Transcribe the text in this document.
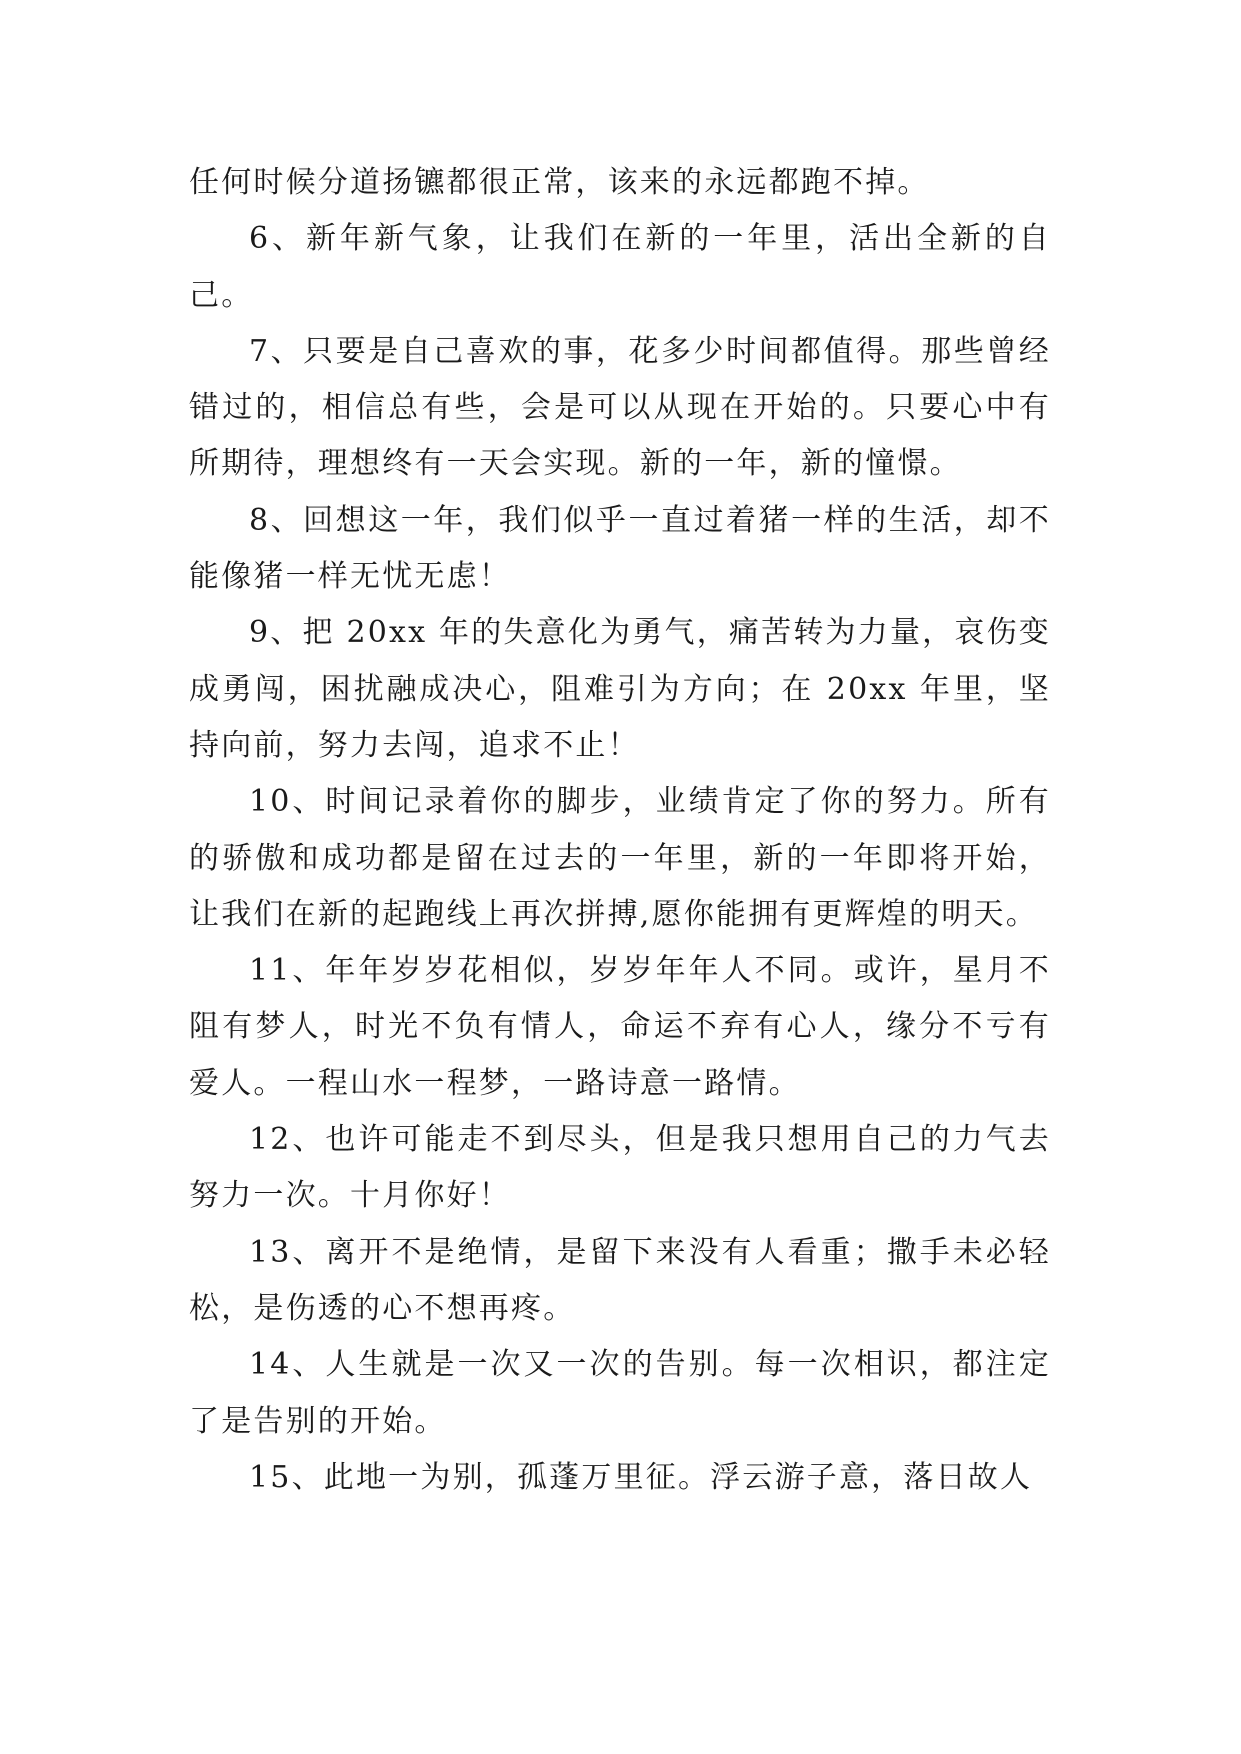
任何时候分道扬镳都很正常，该来的永远都跑不掉。

6、新年新气象，让我们在新的一年里，活出全新的自己。

7、只要是自己喜欢的事，花多少时间都值得。那些曾经错过的，相信总有些，会是可以从现在开始的。只要心中有所期待，理想终有一天会实现。新的一年，新的憧憬。

8、回想这一年，我们似乎一直过着猪一样的生活，却不能像猪一样无忧无虑！

9、把 20xx 年的失意化为勇气，痛苦转为力量，哀伤变成勇闯，困扰融成决心，阻难引为方向；在 20xx 年里，坚持向前，努力去闯，追求不止！

10、时间记录着你的脚步，业绩肯定了你的努力。所有的骄傲和成功都是留在过去的一年里，新的一年即将开始，让我们在新的起跑线上再次拼搏,愿你能拥有更辉煌的明天。

11、年年岁岁花相似，岁岁年年人不同。或许，星月不阻有梦人，时光不负有情人，命运不弃有心人，缘分不亏有爱人。一程山水一程梦，一路诗意一路情。

12、也许可能走不到尽头，但是我只想用自己的力气去努力一次。十月你好！

13、离开不是绝情，是留下来没有人看重；撒手未必轻松，是伤透的心不想再疼。

14、人生就是一次又一次的告别。每一次相识，都注定了是告别的开始。

15、此地一为别，孤蓬万里征。浮云游子意，落日故人
